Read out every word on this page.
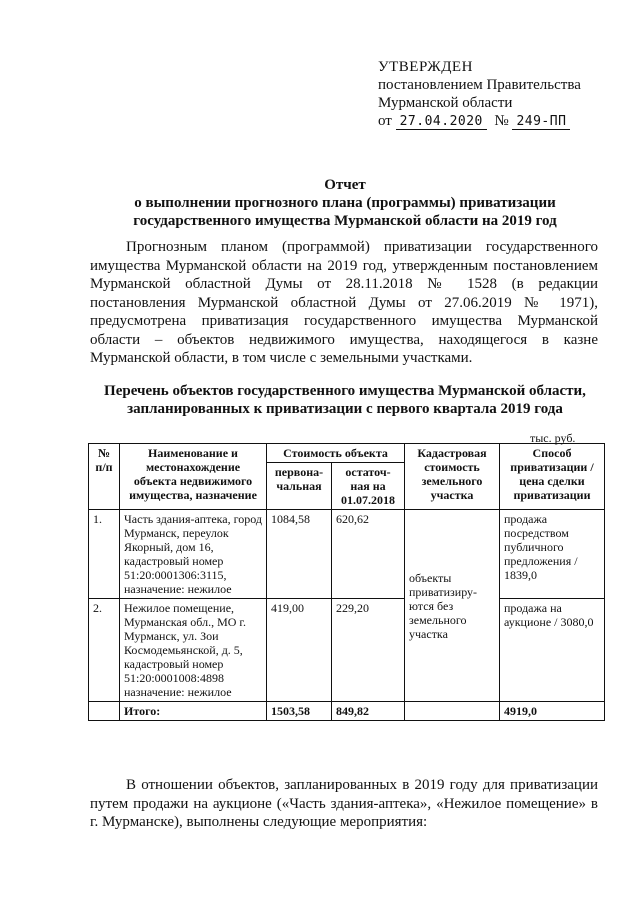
УТВЕРЖДЕН
постановлением Правительства
Мурманской области
от 27.04.2020 № 249-ПП
Отчет
о выполнении прогнозного плана (программы) приватизации
государственного имущества Мурманской области на 2019 год
Прогнозным планом (программой) приватизации государственного имущества Мурманской области на 2019 год, утвержденным постановлением Мурманской областной Думы от 28.11.2018 № 1528 (в редакции постановления Мурманской областной Думы от 27.06.2019 № 1971), предусмотрена приватизация государственного имущества Мурманской области – объектов недвижимого имущества, находящегося в казне Мурманской области, в том числе с земельными участками.
Перечень объектов государственного имущества Мурманской области,
запланированных к приватизации с первого квартала 2019 года
тыс. руб.
№ п/п	Наименование и местонахождение объекта недвижимого имущества, назначение	Стоимость объекта		Кадастровая стоимость земельного участка	Способ приватизации / цена сделки приватизации
		первона-чальная	остаточ-ная на 01.07.2018		
1.	Часть здания-аптека, город Мурманск, переулок Якорный, дом 16, кадастровый номер 51:20:0001306:3115, назначение: нежилое	1084,58	620,62	объекты приватизиру-ются без земельного участка	продажа посредством публичного предложения / 1839,0
2.	Нежилое помещение, Мурманская обл., МО г. Мурманск, ул. Зои Космодемьянской, д. 5, кадастровый номер 51:20:0001008:4898 назначение: нежилое	419,00	229,20		продажа на аукционе / 3080,0
	Итого:	1503,58	849,82		4919,0
В отношении объектов, запланированных в 2019 году для приватизации путем продажи на аукционе («Часть здания-аптека», «Нежилое помещение» в г. Мурманске), выполнены следующие мероприятия:
